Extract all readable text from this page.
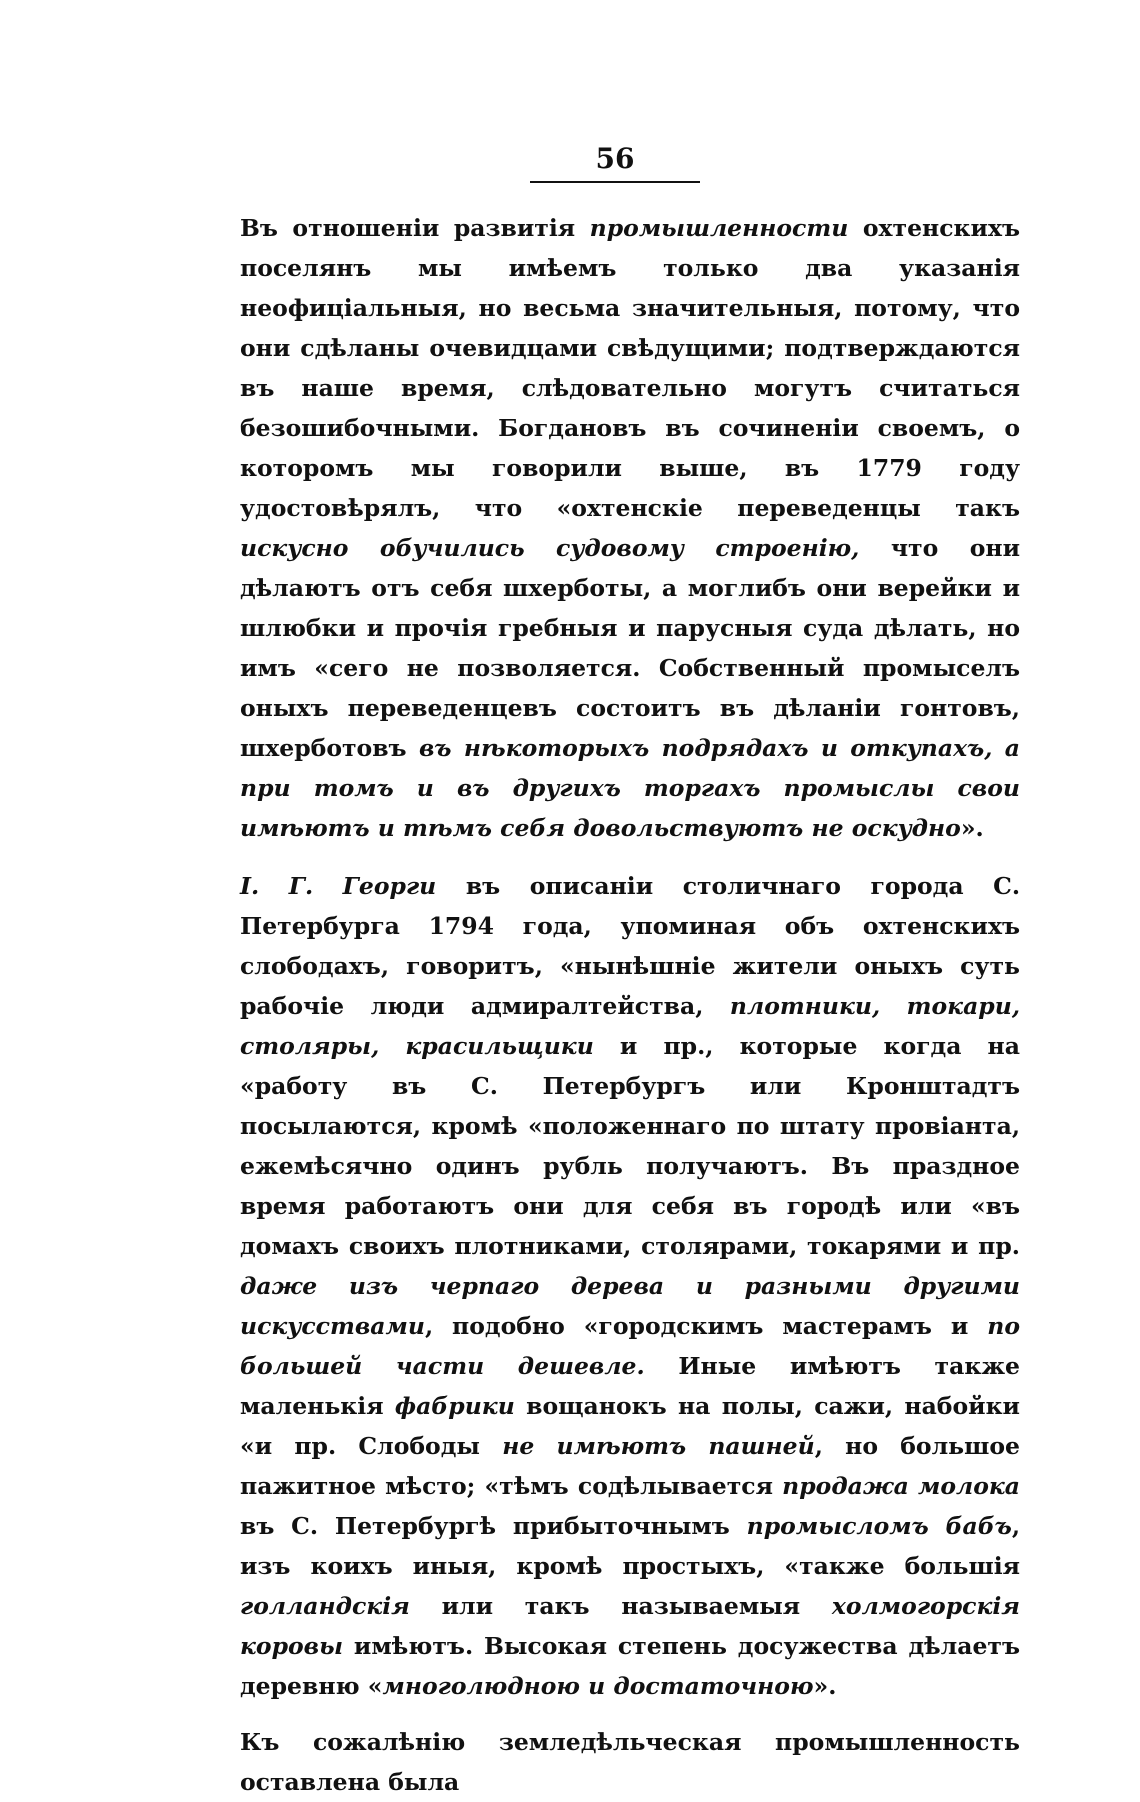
56

Въ отношеніи развитія промышленности охтенскихъ поселянъ мы имѣемъ только два указанія неофиціальныя, но весьма значительныя, потому, что они сдѣланы очевидцами свѣдущими; подтверждаются въ наше время, слѣдовательно могутъ считаться безошибочными. Богдановъ въ сочиненіи своемъ, о которомъ мы говорили выше, въ 1779 году удостовѣрялъ, что «охтенскіе переведенцы такъ искусно обучились судовому строенію, что они дѣлаютъ отъ себя шхерботы, а моглибъ они верейки и шлюбки и прочія гребныя и парусныя суда дѣлать, но имъ «сего не позволяется. Собственный промыселъ оныхъ переведенцевъ состоитъ въ дѣланіи гонтовъ, шхерботовъ въ нѣкоторыхъ подрядахъ и откупахъ, а при томъ и въ другихъ торгахъ промыслы свои имѣютъ и тѣмъ себя довольствуютъ не оскудно».

I. Г. Георги въ описаніи столичнаго города С. Петербурга 1794 года, упоминая объ охтенскихъ слободахъ, говоритъ, «нынѣшніе жители оныхъ суть рабочіе люди адмиралтейства, плотники, токари, столяры, красильщики и пр., которые когда на «работу въ С. Петербургъ или Кронштадтъ посылаются, кромѣ «положеннаго по штату провіанта, ежемѣсячно одинъ рубль получаютъ. Въ праздное время работаютъ они для себя въ городѣ или «въ домахъ своихъ плотниками, столярами, токарями и пр. даже изъ черпаго дерева и разными другими искусствами, подобно «городскимъ мастерамъ и по большей части дешевле. Иные имѣютъ также маленькія фабрики вощанокъ на полы, сажи, набойки «и пр. Слободы не имѣютъ пашней, но большое пажитное мѣсто; «тѣмъ содѣлывается продажа молока въ С. Петербургѣ прибыточнымъ промысломъ бабъ, изъ коихъ иныя, кромѣ простыхъ, «также большія голландскія или такъ называемыя холмогорскія коровы имѣютъ. Высокая степень досужества дѣлаетъ деревню «многолюдною и достаточною».

Къ сожалѣнію земледѣльческая промышленность оставлена была
